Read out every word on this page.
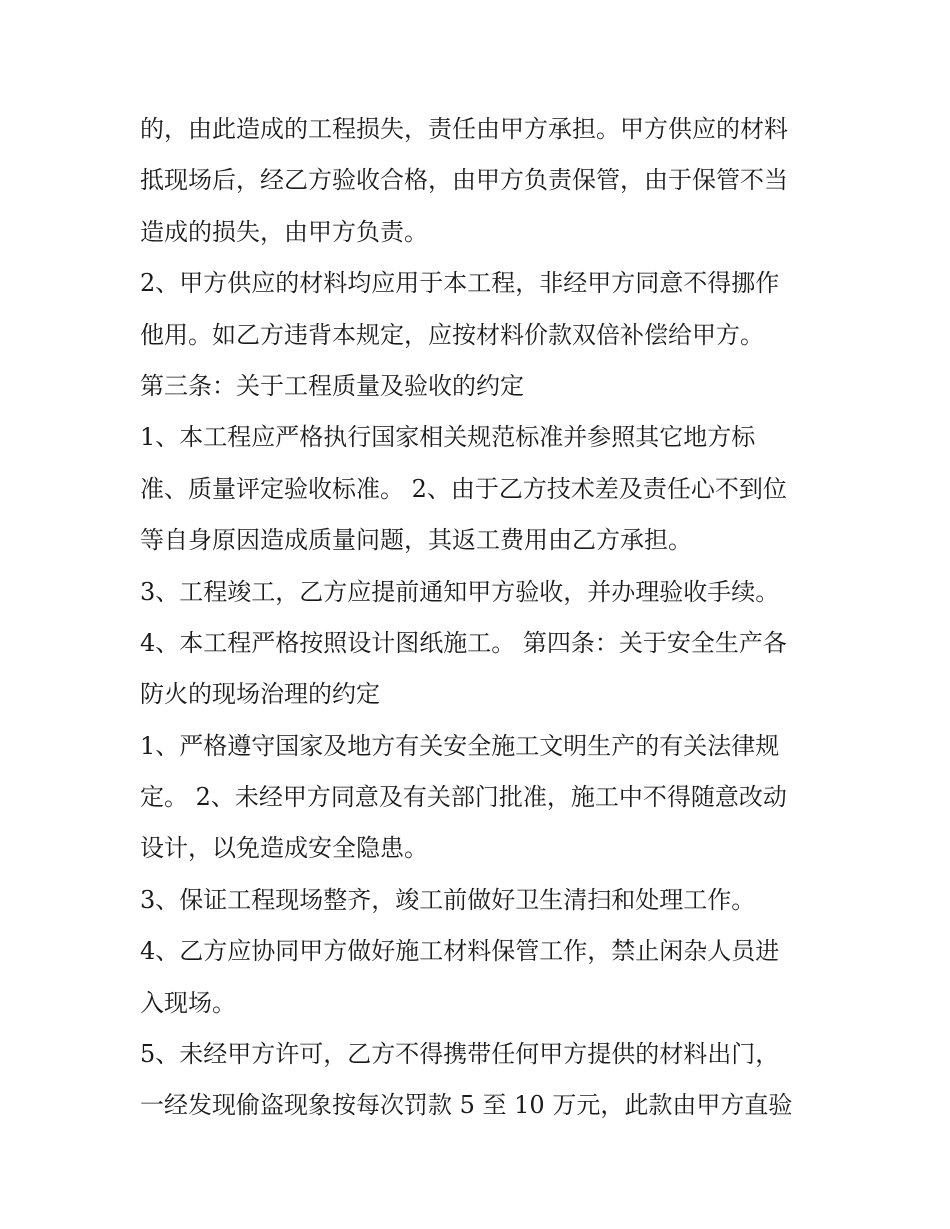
的，由此造成的工程损失，责任由甲方承担。甲方供应的材料
抵现场后，经乙方验收合格，由甲方负责保管，由于保管不当
造成的损失，由甲方负责。
2、甲方供应的材料均应用于本工程，非经甲方同意不得挪作
他用。如乙方违背本规定，应按材料价款双倍补偿给甲方。
第三条：关于工程质量及验收的约定
1、本工程应严格执行国家相关规范标准并参照其它地方标
准、质量评定验收标准。 2、由于乙方技术差及责任心不到位
等自身原因造成质量问题，其返工费用由乙方承担。
3、工程竣工，乙方应提前通知甲方验收，并办理验收手续。
4、本工程严格按照设计图纸施工。 第四条：关于安全生产各
防火的现场治理的约定
1、严格遵守国家及地方有关安全施工文明生产的有关法律规
定。 2、未经甲方同意及有关部门批准，施工中不得随意改动
设计，以免造成安全隐患。
3、保证工程现场整齐，竣工前做好卫生清扫和处理工作。
4、乙方应协同甲方做好施工材料保管工作，禁止闲杂人员进
入现场。
5、未经甲方许可，乙方不得携带任何甲方提供的材料出门，
一经发现偷盗现象按每次罚款 5 至 10 万元，此款由甲方直验
